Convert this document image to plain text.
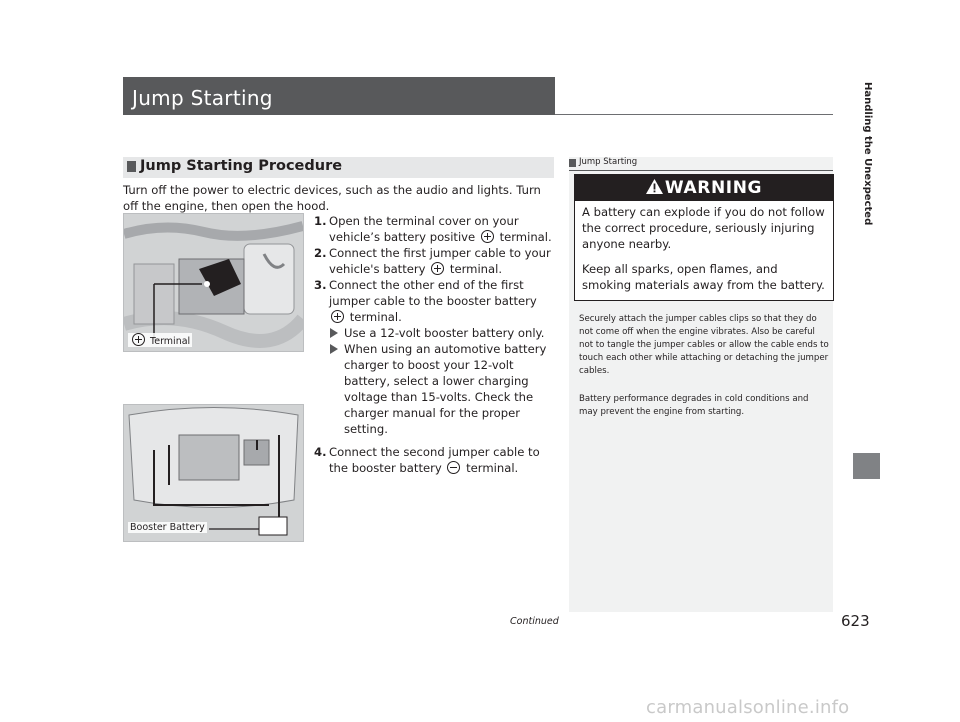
Jump Starting
Jump Starting Procedure
Turn off the power to electric devices, such as the audio and lights. Turn off the engine, then open the hood.
Terminal
Booster Battery
1. Open the terminal cover on your vehicle’s battery positive terminal.
2. Connect the first jumper cable to your vehicle's battery terminal.
3. Connect the other end of the first jumper cable to the booster battery  terminal.
Use a 12-volt booster battery only.
When using an automotive battery charger to boost your 12-volt battery, select a lower charging voltage than 15-volts. Check the charger manual for the proper setting.
4. Connect the second jumper cable to the booster battery terminal.
Jump Starting
WARNING
A battery can explode if you do not follow the correct procedure, seriously injuring anyone nearby.
Keep all sparks, open flames, and smoking materials away from the battery.
Securely attach the jumper cables clips so that they do not come off when the engine vibrates. Also be careful not to tangle the jumper cables or allow the cable ends to touch each other while attaching or detaching the jumper cables.
Battery performance degrades in cold conditions and may prevent the engine from starting.
Handling the Unexpected
Continued	623
carmanualsonline.info
